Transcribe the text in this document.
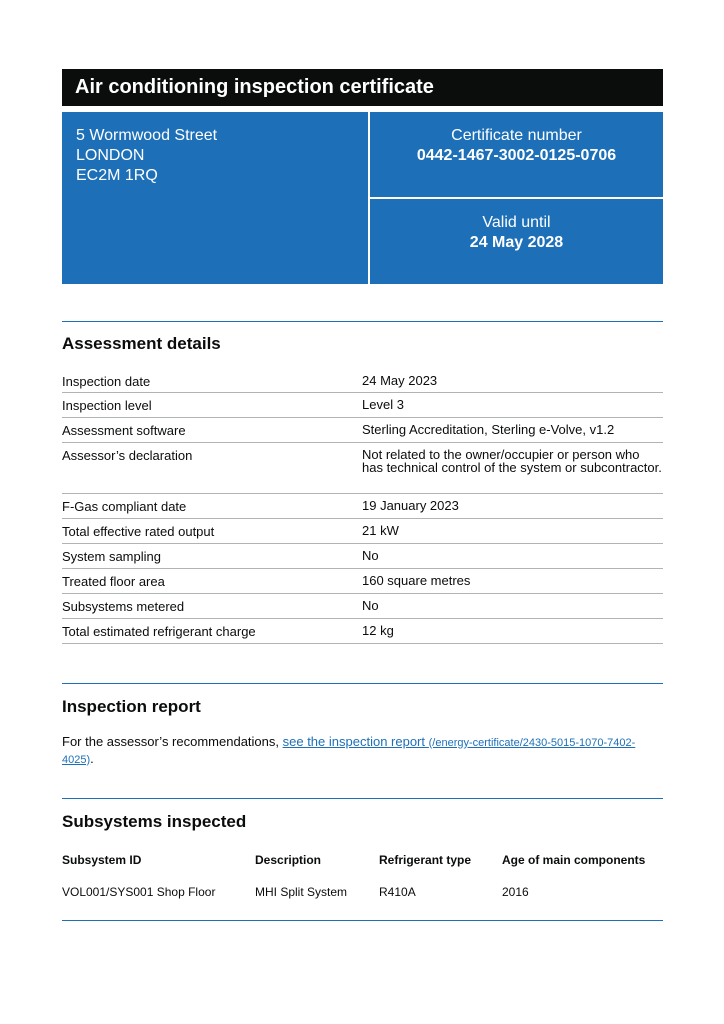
Air conditioning inspection certificate
5 Wormwood Street
LONDON
EC2M 1RQ
Certificate number
0442-1467-3002-0125-0706
Valid until
24 May 2028
Assessment details
Inspection date	24 May 2023
Inspection level	Level 3
Assessment software	Sterling Accreditation, Sterling e-Volve, v1.2
Assessor’s declaration	Not related to the owner/occupier or person who has technical control of the system or subcontractor.
F-Gas compliant date	19 January 2023
Total effective rated output	21 kW
System sampling	No
Treated floor area	160 square metres
Subsystems metered	No
Total estimated refrigerant charge	12 kg
Inspection report
For the assessor’s recommendations, see the inspection report (/energy-certificate/2430-5015-1070-7402-4025).
Subsystems inspected
Subsystem ID	Description	Refrigerant type	Age of main components

VOL001/SYS001 Shop Floor	MHI Split System	R410A	2016
